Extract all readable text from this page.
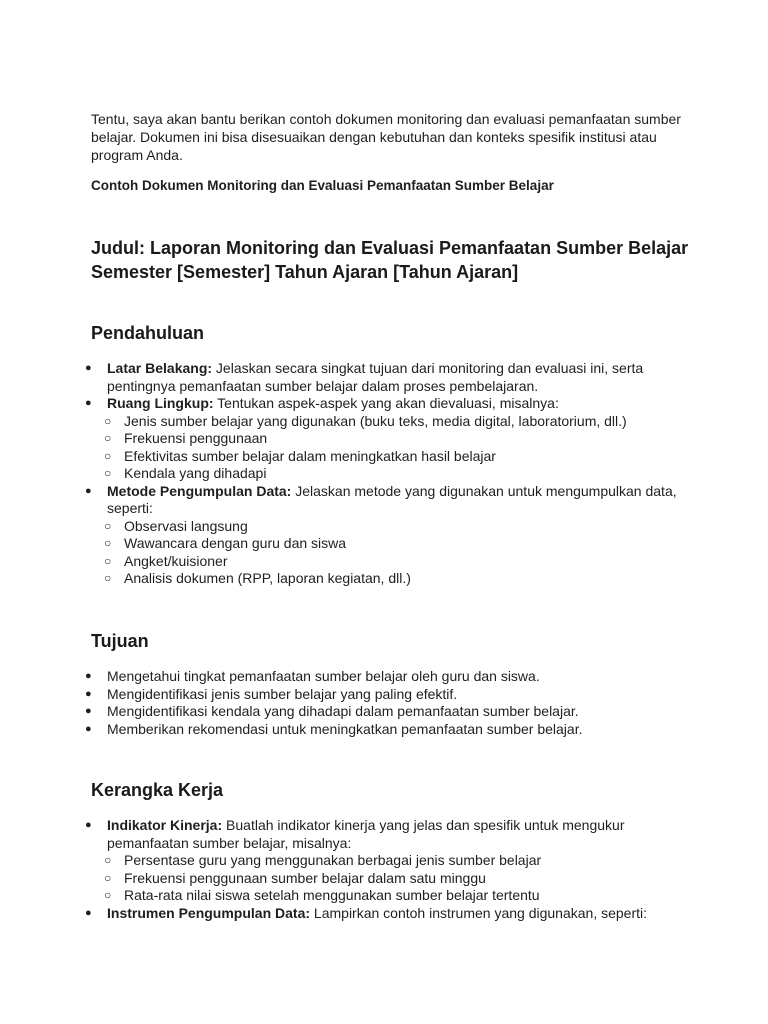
Tentu, saya akan bantu berikan contoh dokumen monitoring dan evaluasi pemanfaatan sumber belajar. Dokumen ini bisa disesuaikan dengan kebutuhan dan konteks spesifik institusi atau program Anda.

Contoh Dokumen Monitoring dan Evaluasi Pemanfaatan Sumber Belajar

Judul: Laporan Monitoring dan Evaluasi Pemanfaatan Sumber Belajar Semester [Semester] Tahun Ajaran [Tahun Ajaran]
Pendahuluan
● Latar Belakang: Jelaskan secara singkat tujuan dari monitoring dan evaluasi ini, serta pentingnya pemanfaatan sumber belajar dalam proses pembelajaran.
● Ruang Lingkup: Tentukan aspek-aspek yang akan dievaluasi, misalnya:
○ Jenis sumber belajar yang digunakan (buku teks, media digital, laboratorium, dll.)
○ Frekuensi penggunaan
○ Efektivitas sumber belajar dalam meningkatkan hasil belajar
○ Kendala yang dihadapi
● Metode Pengumpulan Data: Jelaskan metode yang digunakan untuk mengumpulkan data, seperti:
○ Observasi langsung
○ Wawancara dengan guru dan siswa
○ Angket/kuisioner
○ Analisis dokumen (RPP, laporan kegiatan, dll.)
Tujuan
● Mengetahui tingkat pemanfaatan sumber belajar oleh guru dan siswa.
● Mengidentifikasi jenis sumber belajar yang paling efektif.
● Mengidentifikasi kendala yang dihadapi dalam pemanfaatan sumber belajar.
● Memberikan rekomendasi untuk meningkatkan pemanfaatan sumber belajar.
Kerangka Kerja
● Indikator Kinerja: Buatlah indikator kinerja yang jelas dan spesifik untuk mengukur pemanfaatan sumber belajar, misalnya:
○ Persentase guru yang menggunakan berbagai jenis sumber belajar
○ Frekuensi penggunaan sumber belajar dalam satu minggu
○ Rata-rata nilai siswa setelah menggunakan sumber belajar tertentu
● Instrumen Pengumpulan Data: Lampirkan contoh instrumen yang digunakan, seperti:
